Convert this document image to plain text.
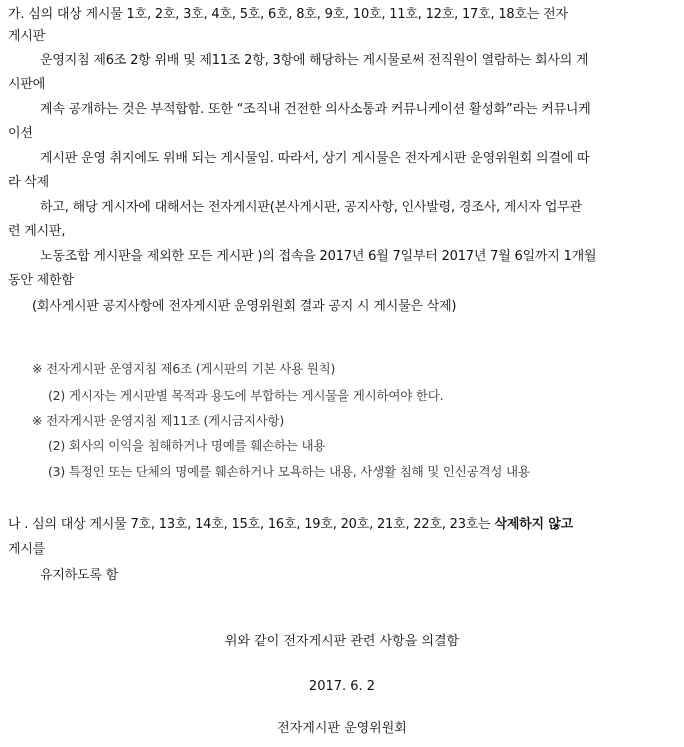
가. 심의 대상 게시물 1호, 2호, 3호, 4호, 5호, 6호, 8호, 9호, 10호, 11호, 12호, 17호, 18호는 전자
게시판
운영지침 제6조 2항 위배 및 제11조 2항, 3항에 해당하는 게시물로써 전직원이 열람하는 회사의 게
시판에
계속 공개하는 것은 부적합함. 또한 “조직내 건전한 의사소통과 커뮤니케이션 활성화”라는 커뮤니케
이션
게시판 운영 취지에도 위배 되는 게시물임. 따라서, 상기 게시물은 전자게시판 운영위원회 의결에 따
라 삭제
하고, 해당 게시자에 대해서는 전자게시판(본사게시판, 공지사항, 인사발령, 경조사, 게시자 업무관
련 게시판,
노동조합 게시판을 제외한 모든 게시판 )의 접속을 2017년 6월 7일부터 2017년 7월 6일까지 1개월
동안 제한함
(회사게시판 공지사항에 전자게시판 운영위원회 결과 공지 시 게시물은 삭제)
※ 전자게시판 운영지침 제6조 (게시판의 기본 사용 원칙)
(2) 게시자는 게시판별 목적과 용도에 부합하는 게시물을 게시하여야 한다.
※ 전자게시판 운영지침 제11조 (게시금지사항)
(2) 회사의 이익을 침해하거나 명예를 훼손하는 내용
(3) 특정인 또는 단체의 명예를 훼손하거나 모욕하는 내용, 사생활 침해 및 인신공격성 내용
나 . 심의 대상 게시물 7호, 13호, 14호, 15호, 16호, 19호, 20호, 21호, 22호, 23호는 삭제하지 않고
게시를
유지하도록 함
위와 같이 전자게시판 관련 사항을 의결함
2017. 6. 2
전자게시판 운영위원회
